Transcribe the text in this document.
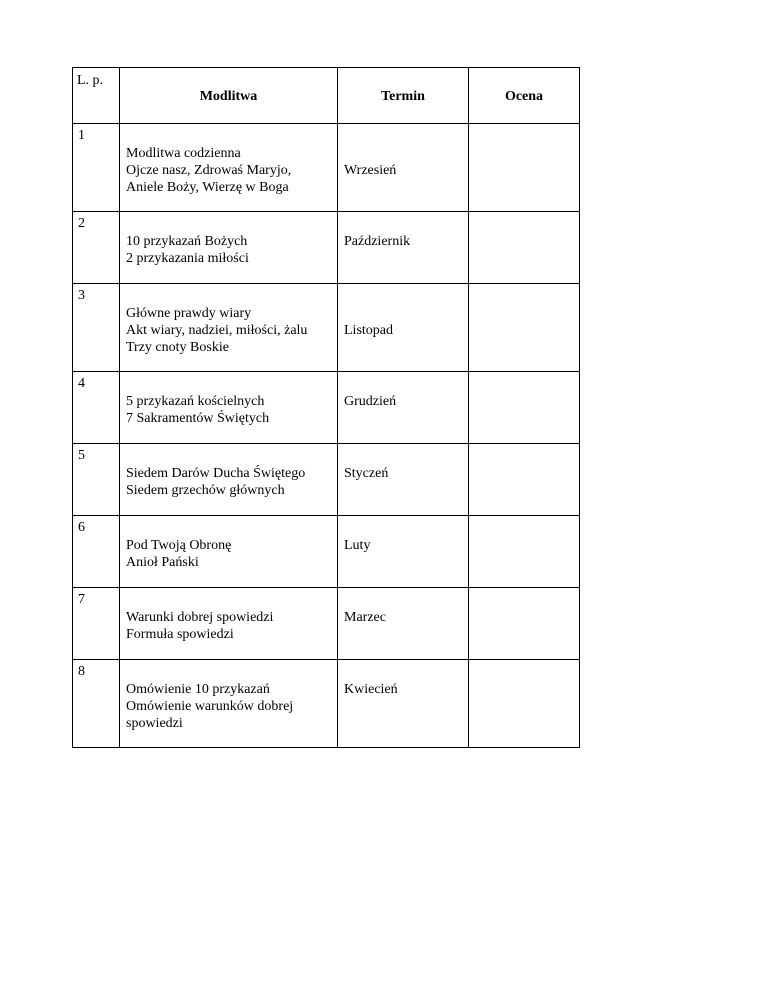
L. p.	Modlitwa	Termin	Ocena

1	Modlitwa codzienna
Ojcze nasz, Zdrowaś Maryjo,
Aniele Boży, Wierzę w Boga	Wrzesień	
2	10 przykazań Bożych
2 przykazania miłości	Październik	
3	Główne prawdy wiary
Akt wiary, nadziei, miłości, żalu
Trzy cnoty Boskie	Listopad	
4	5 przykazań kościelnych
7 Sakramentów Świętych	Grudzień	
5	Siedem Darów Ducha Świętego
Siedem grzechów głównych	Styczeń	
6	Pod Twoją Obronę
Anioł Pański	Luty	
7	Warunki dobrej spowiedzi
Formuła spowiedzi	Marzec	
8	Omówienie 10 przykazań
Omówienie warunków dobrej spowiedzi	Kwiecień	
